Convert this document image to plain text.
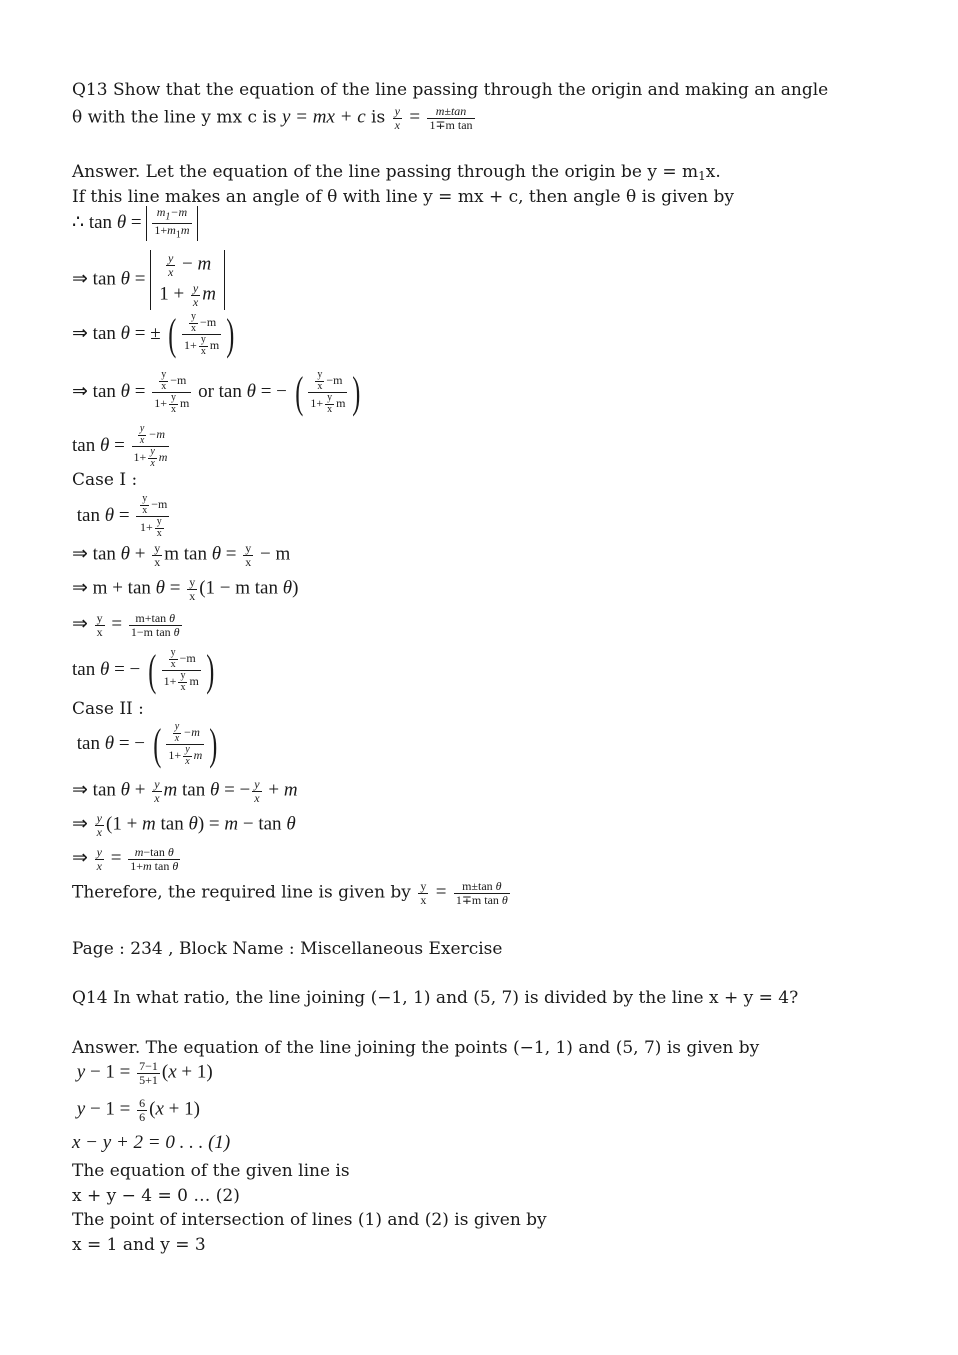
Q13 Show that the equation of the line passing through the origin and making an angle
θ with the line y mx c is y = mx + c is $\frac{y}{x} = \frac{m\pm\tan}{\text{1∓m tan}}$
Answer. Let the equation of the line passing through the origin be $y = m_1x$.
If this line makes an angle of θ with line y = mx + c, then angle θ is given by
∴ $\tan \theta = \frac{m_1-m}{1+m_1m}$
⇒ tan θ =
$\frac{y}{x} - m$
$1 + \frac{y}{x}$ m
⇒ tan θ = ± ( $\frac{\frac{y}{x} -m}{1+ \frac{y}{x} m}$ )
⇒ $\tan \theta = \frac{\frac{y}{x} -m}{1+ \frac{y}{x} m}$ or tan θ = − ( $\frac{\frac{y}{x} -m}{1+ \frac{y}{x} m}$ )
$\tan \theta = \frac{\frac{y}{x} -m}{1+ \frac{y}{x} m}$
Case I :
$\tan \theta = \frac{\frac{y}{x} -m}{1+ \frac{y}{x}}$
⇒ $\tan \theta + \frac{y}{x}$ m $\tan \theta = \frac{y}{x} - m$
⇒ $m + \tan \theta = \frac{y}{x} (1 - m$ tan θ)
⇒ $\frac{y}{x} = \frac{\text{m+tan θ}}{\text{1−m tan θ}}$
tan θ = − ( $\frac{\frac{y}{x} -m}{1+ \frac{y}{x} m}$ )
Case II :
tan θ = − ( $\frac{\frac{y}{x} -m}{1+ \frac{y}{x} m}$ )
⇒ $\tan \theta + \frac{y}{x}$ m tan θ = − $\frac{y}{x} + m$
⇒ $\frac{y}{x} (1 + m$ tan θ) = m − tan θ
⇒ $\frac{y}{x} = \frac{\text{m−tan θ}}{\text{1+m tan θ}}$
Therefore, the required line is given by $\frac{y}{x} = \frac{\text{m±tan θ}}{\text{1∓m tan θ}}$
Page : 234 , Block Name : Miscellaneous Exercise
Q14 In what ratio, the line joining (−1, 1) and (5, 7) is divided by the line x + y = 4?
Answer. The equation of the line joining the points (−1, 1) and (5, 7) is given by
$y - 1 = \frac{7-1}{5+1} (x + 1)$
$y - 1 = \frac{6}{6} (x + 1)$
x − y + 2 = 0 . . . (1)
The equation of the given line is
x + y − 4 = 0 … (2)
The point of intersection of lines (1) and (2) is given by
x = 1 and y = 3
